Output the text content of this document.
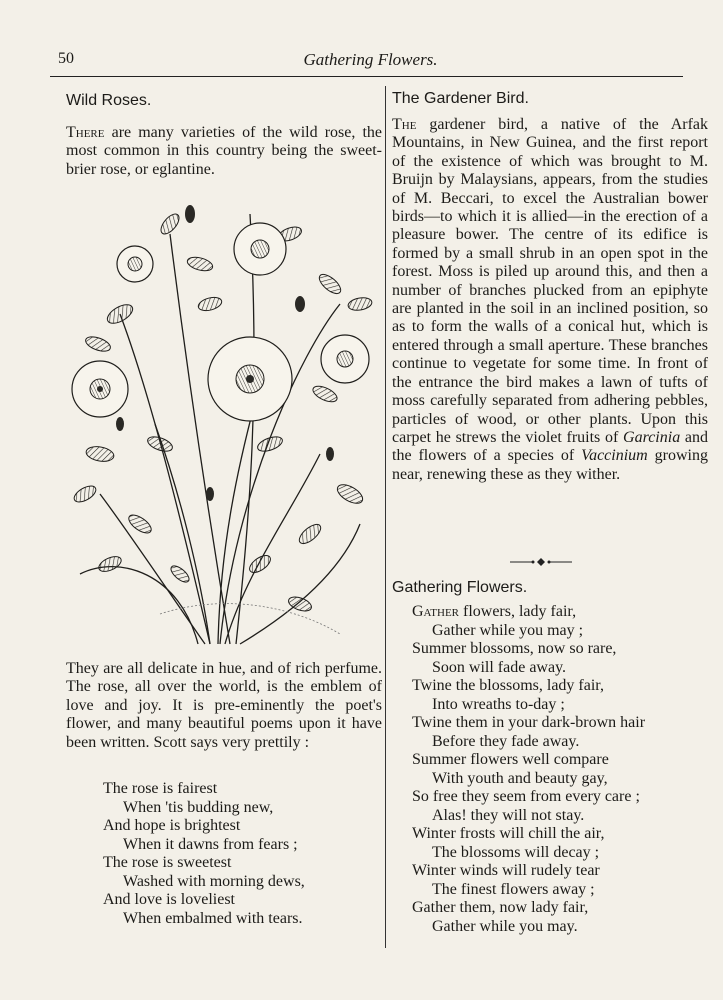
50	Gathering Flowers.
Wild Roses.

There are many varieties of the wild rose, the most common in this country being the sweet-brier rose, or eglantine.

They are all delicate in hue, and of rich perfume. The rose, all over the world, is the emblem of love and joy. It is pre-eminently the poet's flower, and many beautiful poems upon it have been written. Scott says very prettily :

The rose is fairest
When 'tis budding new,
And hope is brightest
When it dawns from fears ;
The rose is sweetest
Washed with morning dews,
And love is loveliest
When embalmed with tears.
The Gardener Bird.

The gardener bird, a native of the Arfak Mountains, in New Guinea, and the first report of the existence of which was brought to M. Bruijn by Malaysians, appears, from the studies of M. Beccari, to excel the Australian bower birds—to which it is allied—in the erection of a pleasure bower. The centre of its edifice is formed by a small shrub in an open spot in the forest. Moss is piled up around this, and then a number of branches plucked from an epiphyte are planted in the soil in an inclined position, so as to form the walls of a conical hut, which is entered through a small aperture. These branches continue to vegetate for some time. In front of the entrance the bird makes a lawn of tufts of moss carefully separated from adhering pebbles, particles of wood, or other plants. Upon this carpet he strews the violet fruits of Garcinia and the flowers of a species of Vaccinium growing near, renewing these as they wither.

Gathering Flowers.
Gather flowers, lady fair,
Gather while you may ;
Summer blossoms, now so rare,
Soon will fade away.
Twine the blossoms, lady fair,
Into wreaths to-day ;
Twine them in your dark-brown hair
Before they fade away.
Summer flowers well compare
With youth and beauty gay,
So free they seem from every care ;
Alas! they will not stay.
Winter frosts will chill the air,
The blossoms will decay ;
Winter winds will rudely tear
The finest flowers away ;
Gather them, now lady fair,
Gather while you may.
